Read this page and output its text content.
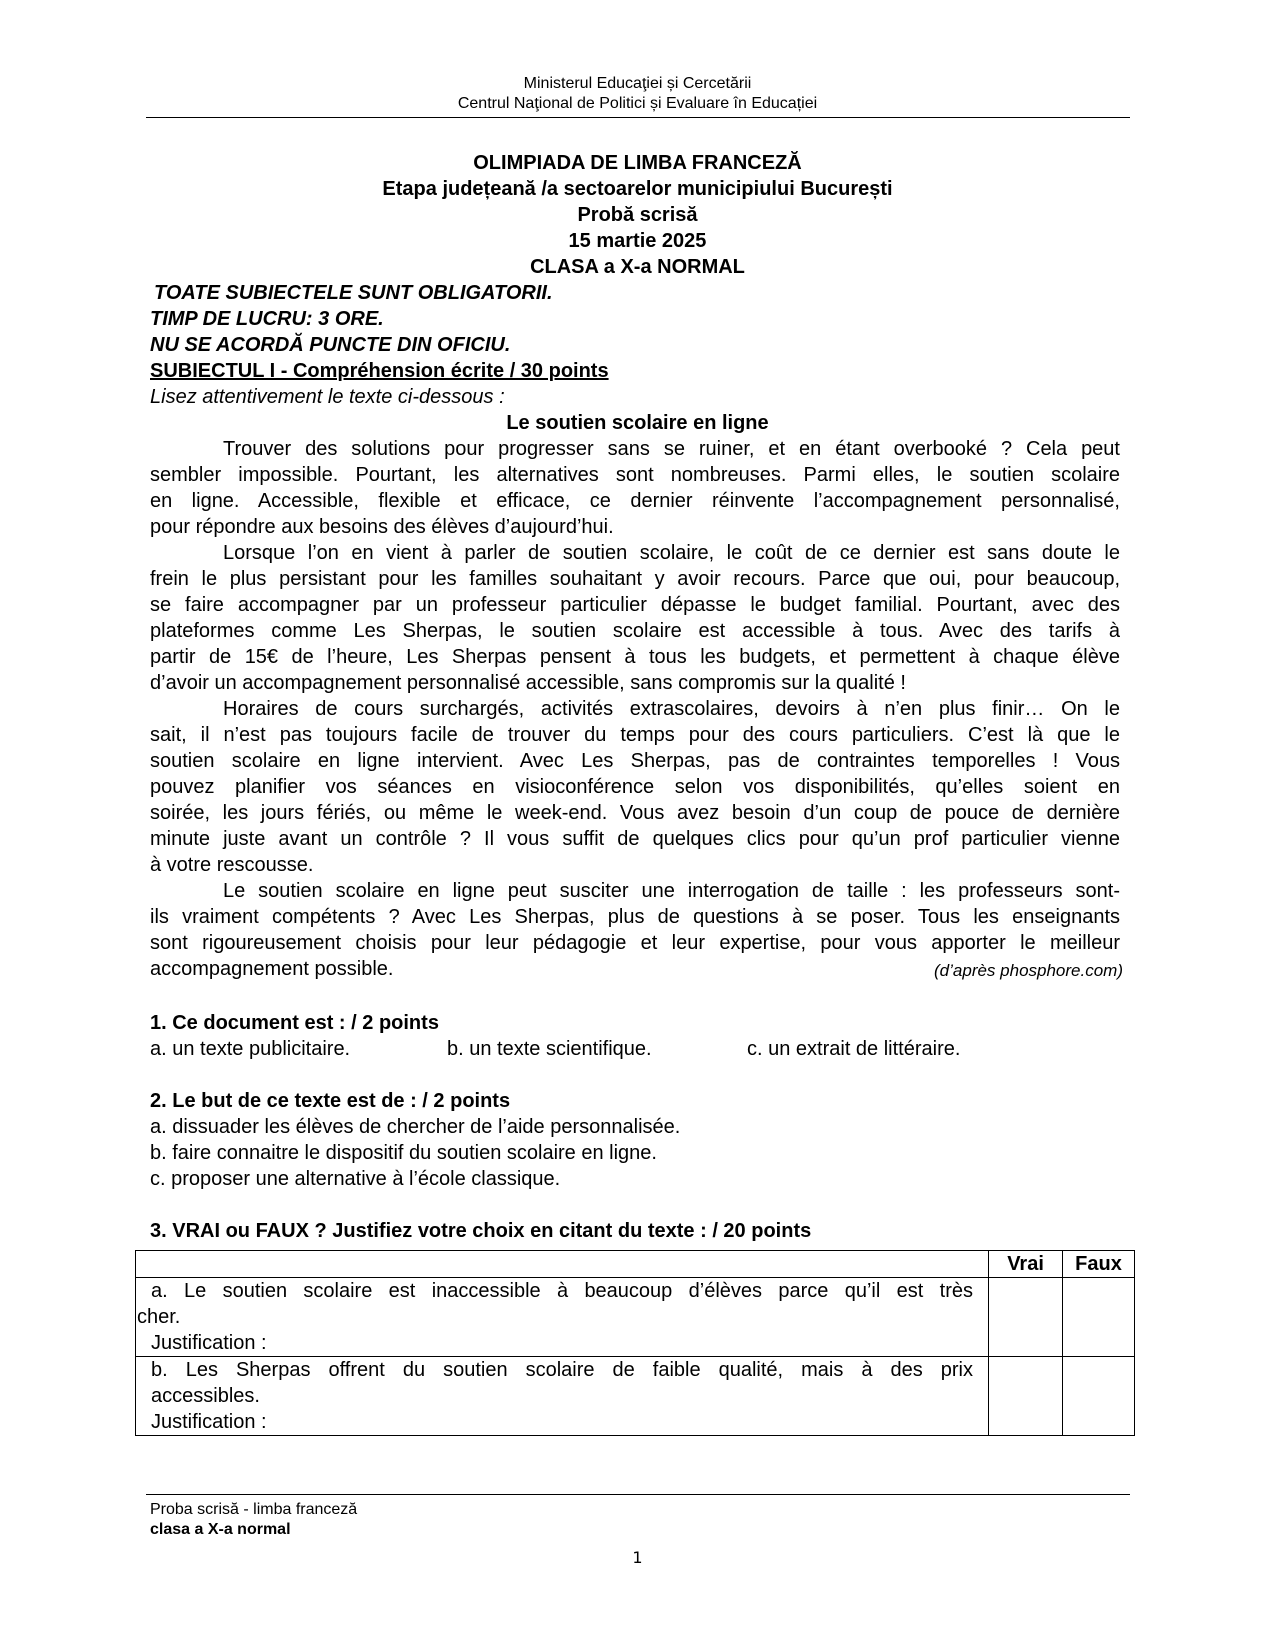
Ministerul Educaţiei și Cercetării
Centrul Naţional de Politici și Evaluare în Educației
OLIMPIADA DE LIMBA FRANCEZĂ
Etapa județeană /a sectoarelor municipiului București
Probă scrisă
15 martie 2025
CLASA a X-a NORMAL
TOATE SUBIECTELE SUNT OBLIGATORII.
TIMP DE LUCRU: 3 ORE.
NU SE ACORDĂ PUNCTE DIN OFICIU.
SUBIECTUL I - Compréhension écrite / 30 points
Lisez attentivement le texte ci-dessous :
Le soutien scolaire en ligne
Trouver des solutions pour progresser sans se ruiner, et en étant overbooké ? Cela peut
sembler impossible. Pourtant, les alternatives sont nombreuses. Parmi elles, le soutien scolaire
en ligne. Accessible, flexible et efficace, ce dernier réinvente l’accompagnement personnalisé,
pour répondre aux besoins des élèves d’aujourd’hui.
Lorsque l’on en vient à parler de soutien scolaire, le coût de ce dernier est sans doute le
frein le plus persistant pour les familles souhaitant y avoir recours. Parce que oui, pour beaucoup,
se faire accompagner par un professeur particulier dépasse le budget familial. Pourtant, avec des
plateformes comme Les Sherpas, le soutien scolaire est accessible à tous. Avec des tarifs à
partir de 15€ de l’heure, Les Sherpas pensent à tous les budgets, et permettent à chaque élève
d’avoir un accompagnement personnalisé accessible, sans compromis sur la qualité !
Horaires de cours surchargés, activités extrascolaires, devoirs à n’en plus finir… On le
sait, il n’est pas toujours facile de trouver du temps pour des cours particuliers. C’est là que le
soutien scolaire en ligne intervient. Avec Les Sherpas, pas de contraintes temporelles ! Vous
pouvez planifier vos séances en visioconférence selon vos disponibilités, qu’elles soient en
soirée, les jours fériés, ou même le week-end. Vous avez besoin d’un coup de pouce de dernière
minute juste avant un contrôle ? Il vous suffit de quelques clics pour qu’un prof particulier vienne
à votre rescousse.
Le soutien scolaire en ligne peut susciter une interrogation de taille : les professeurs sont-
ils vraiment compétents ? Avec Les Sherpas, plus de questions à se poser. Tous les enseignants
sont rigoureusement choisis pour leur pédagogie et leur expertise, pour vous apporter le meilleur
accompagnement possible.	(d’après phosphore.com)
1. Ce document est : / 2 points
a. un texte publicitaire.	b. un texte scientifique.	c. un extrait de littéraire.
2. Le but de ce texte est de : / 2 points
a. dissuader les élèves de chercher de l’aide personnalisée.
b. faire connaitre le dispositif du soutien scolaire en ligne.
c. proposer une alternative à l’école classique.
3. VRAI ou FAUX ? Justifiez votre choix en citant du texte : / 20 points
	Vrai	Faux

a. Le soutien scolaire est inaccessible à beaucoup d’élèves parce qu’il est très
cher.
Justification :		

b. Les Sherpas offrent du soutien scolaire de faible qualité, mais à des prix
accessibles.
Justification :		

Proba scrisă - limba franceză
clasa a X-a normal
1
